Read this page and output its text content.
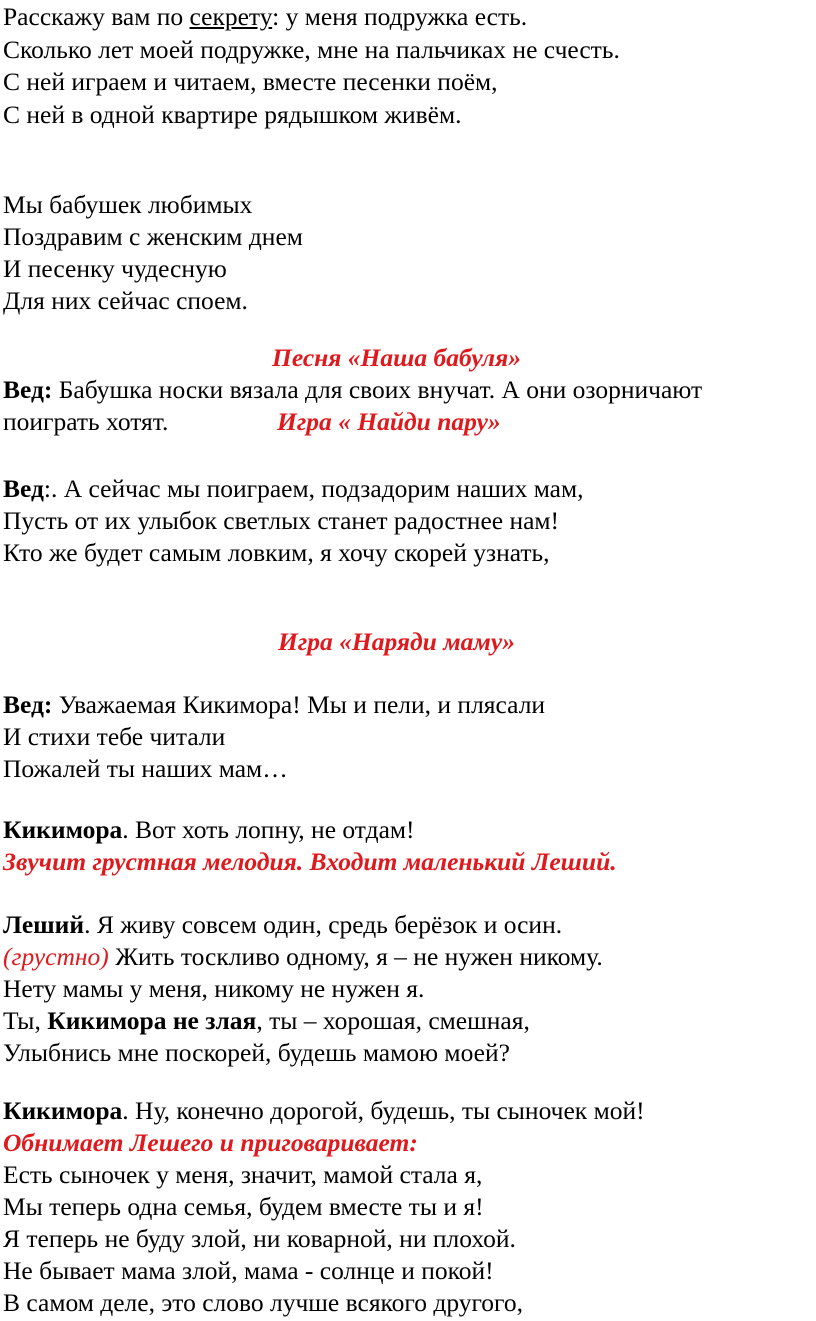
Расскажу вам по секрету: у меня подружка есть.
Сколько лет моей подружке, мне на пальчиках не счесть.
С ней играем и читаем, вместе песенки поём,
С ней в одной квартире рядышком живём.
Мы бабушек любимых
Поздравим с женским днем
И песенку чудесную
Для них сейчас споем.
Песня «Наша бабуля»
Вед: Бабушка носки вязала для своих внучат. А они озорничают
поиграть хотят.	Игра « Найди пару»
Вед:. А сейчас мы поиграем, подзадорим наших мам,
Пусть от их улыбок светлых станет радостнее нам!
Кто же будет самым ловким, я хочу скорей узнать,
Игра «Наряди маму»
Вед: Уважаемая Кикимора! Мы и пели, и плясали
И стихи тебе читали
Пожалей ты наших мам…
Кикимора. Вот хоть лопну, не отдам!
Звучит грустная мелодия. Входит маленький Леший.
Леший. Я живу совсем один, средь берёзок и осин.
(грустно) Жить тоскливо одному, я – не нужен никому.
Нету мамы у меня, никому не нужен я.
Ты, Кикимора не злая, ты – хорошая, смешная,
Улыбнись мне поскорей, будешь мамою моей?
Кикимора. Ну, конечно дорогой, будешь, ты сыночек мой!
Обнимает Лешего и приговаривает:
Есть сыночек у меня, значит, мамой стала я,
Мы теперь одна семья, будем вместе ты и я!
Я теперь не буду злой, ни коварной, ни плохой.
Не бывает мама злой, мама - солнце и покой!
В самом деле, это слово лучше всякого другого,
